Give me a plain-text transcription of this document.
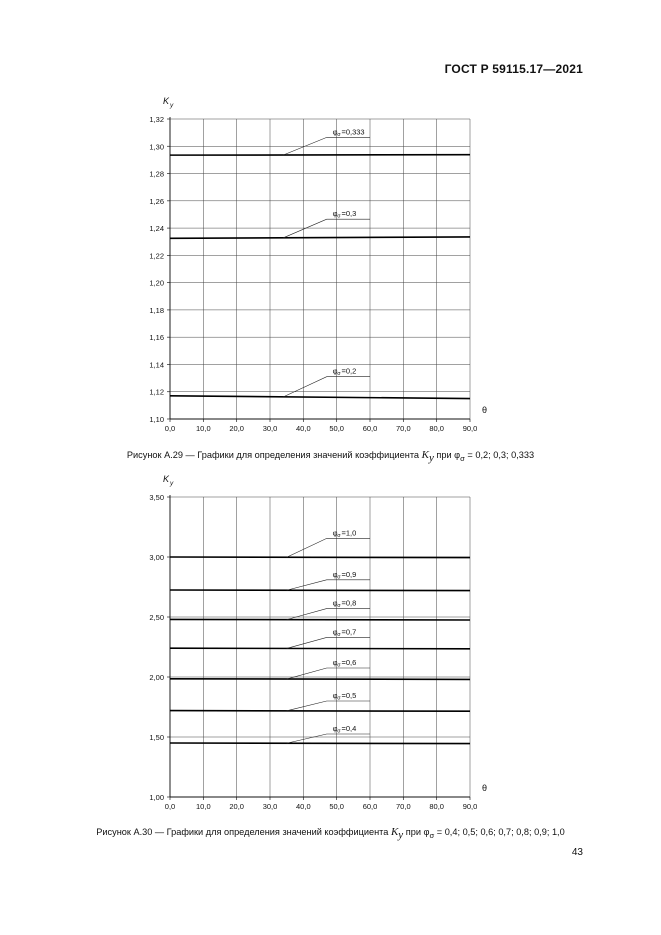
ГОСТ Р 59115.17—2021
1,10
1,12
1,14
1,16
1,18
1,20
1,22
1,24
1,26
1,28
1,30
1,32
0,0	10,0 20,0 30,0 40,0 50,0 60,0 70,0 80,0 90,0
K y
θ
φ σ =0,333
φ σ =0,3
φ σ =0,2
1,00
1,50
2,00
2,50
3,00
3,50
0,0	10,0 20,0 30,0 40,0 50,0 60,0 70,0 80,0 90,0
K y
θ
φ σ =1,0
φ σ =0,9
φ σ =0,8
φ σ =0,7
φ σ =0,6
φ σ =0,5
φ σ =0,4
Рисунок А.29 — Графики для определения значений коэффициента $K_y$ при $\varphi_\sigma = 0,2$; 0,3; 0,333
Рисунок А.30 — Графики для определения значений коэффициента $K_y$ при $\varphi_\sigma = 0,4$; 0,5; 0,6; 0,7; 0,8; 0,9; 1,0
43
